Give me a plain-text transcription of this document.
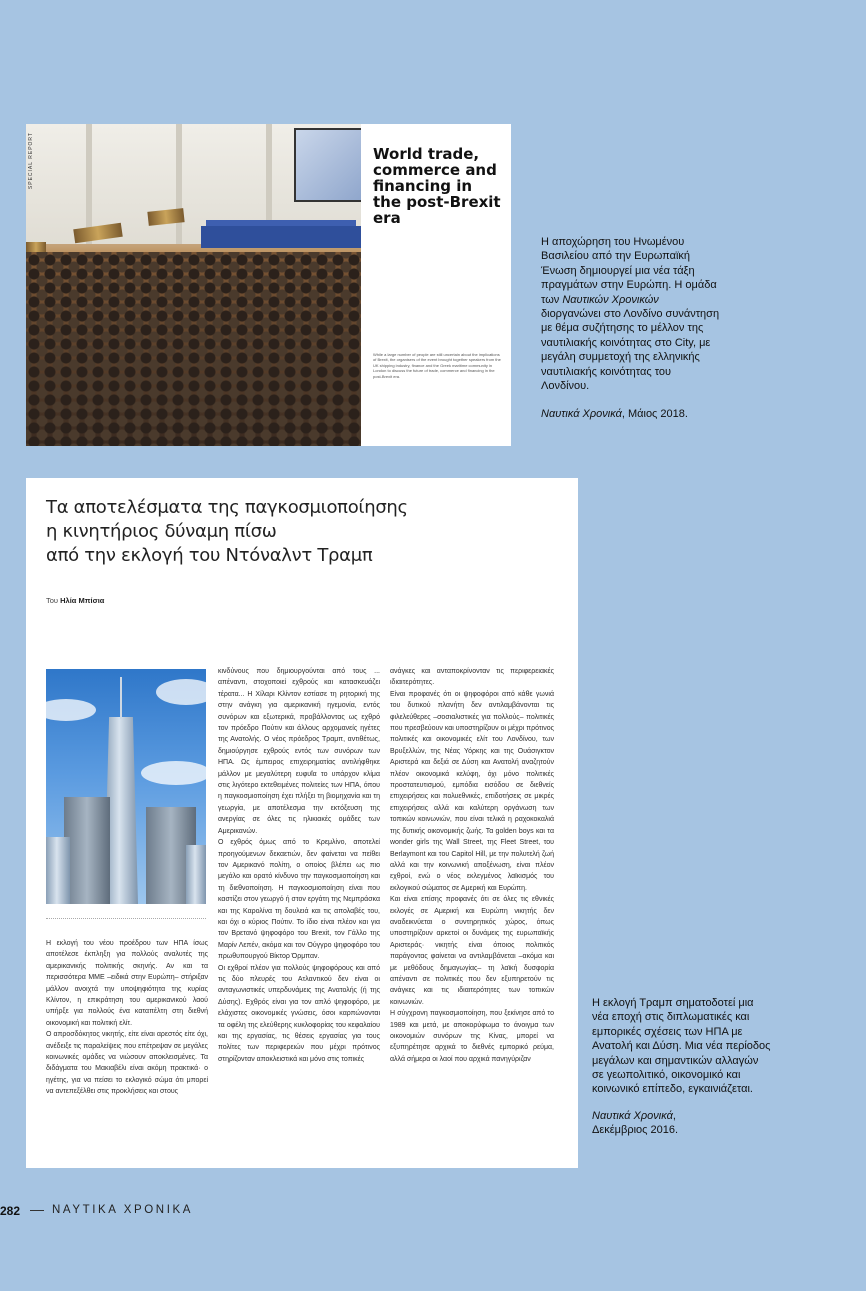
SPECIAL REPORT	World trade, commerce and financing in the post-Brexit era
While a large number of people are still uncertain about the implications of Brexit, the organisers of the event brought together speakers from the UK shipping industry, finance and the Greek maritime community in London to discuss the future of trade, commerce and financing in the post-Brexit era.

Η αποχώρηση του Ηνωμένου Βασιλείου από την Ευρωπαϊκή Ένωση δημιουργεί μια νέα τάξη πραγμάτων στην Ευρώπη. Η ομάδα των Ναυτικών Χρονικών διοργανώνει στο Λονδίνο συνάντηση με θέμα συζήτησης το μέλλον της ναυτιλιακής κοινότητας στο City, με μεγάλη συμμετοχή της ελληνικής ναυτιλιακής κοινότητας του Λονδίνου.

Ναυτικά Χρονικά, Μάιος 2018.

Τα αποτελέσματα της παγκοσμιοποίησης
η κινητήριος δύναμη πίσω
από την εκλογή του Ντόναλντ Τραμπ
Του Ηλία Μπίσια

Η εκλογή του νέου προέδρου των ΗΠΑ ίσως αποτέλεσε έκπληξη για πολλούς αναλυτές της αμερικανικής πολιτικής σκηνής. Αν και τα περισσότερα ΜΜΕ –ειδικά στην Ευρώπη– στήριξαν μάλλον ανοιχτά την υποψηφιότητα της κυρίας Κλίντον, η επικράτηση του αμερικανικού λαού υπήρξε για πολλούς ένα καταπέλτη στη διεθνή οικονομική και πολιτική ελίτ.

Ο απροσδόκητος νικητής, είτε είναι αρεστός είτε όχι, ανέδειξε τις παραλείψεις που επέτρεψαν σε μεγάλες κοινωνικές ομάδες να νιώσουν αποκλεισμένες. Τα διδάγματα του Μακιαβέλι είναι ακόμη πρακτικά· ο ηγέτης, για να πείσει το εκλογικό σώμα ότι μπορεί να αντεπεξέλθει στις προκλήσεις και στους

κινδύνους που δημιουργούνται από τους ... απέναντι, στοχοποιεί εχθρούς και κατασκευάζει τέρατα... Η Χίλαρι Κλίντον εστίασε τη ρητορική της στην ανάγκη για αμερικανική ηγεμονία, εντός συνόρων και εξωτερικά, προβάλλοντας ως εχθρό τον πρόεδρο Πούτιν και άλλους αρχομανείς ηγέτες της Ανατολής. Ο νέος πρόεδρος Τραμπ, αντιθέτως, δημιούργησε εχθρούς εντός των συνόρων των ΗΠΑ. Ως έμπειρος επιχειρηματίας αντιλήφθηκε μάλλον με μεγαλύτερη ευφυΐα το υπάρχον κλίμα στις λιγότερο εκτεθειμένες πολιτείες των ΗΠΑ, όπου η παγκοσμιοποίηση έχει πλήξει τη βιομηχανία και τη γεωργία, με αποτέλεσμα την εκτόξευση της ανεργίας σε όλες τις ηλικιακές ομάδες των Αμερικανών.

Ο εχθρός όμως από το Κρεμλίνο, αποτελεί προηγούμενων δεκαετιών, δεν φαίνεται να πείθει τον Αμερικανό πολίτη, ο οποίος βλέπει ως πιο μεγάλο και ορατό κίνδυνο την παγκοσμιοποίηση και τη διεθνοποίηση. Η παγκοσμιοποίηση είναι που καστίζει στον γεωργό ή στον εργάτη της Νεμπράσκα και της Καρολίνα τη δουλειά και τις απολαβές του, και όχι ο κύριος Πούτιν. Το ίδιο είναι πλέον και για τον Βρετανό ψηφοφόρο του Brexit, τον Γάλλο της Μαρίν Λεπέν, ακόμα και τον Ούγγρο ψηφοφόρο του πρωθυπουργού Βίκτορ Όρμπαν.

Οι εχθροί πλέον για πολλούς ψηφοφόρους και από τις δύο πλευρές του Ατλαντικού δεν είναι οι ανταγωνιστικές υπερδυνάμεις της Ανατολής (ή της Δύσης). Εχθρός είναι για τον απλό ψηφοφόρο, με ελάχιστες οικονομικές γνώσεις, όσοι καρπώνονται τα οφέλη της ελεύθερης κυκλοφορίας του κεφαλαίου και της εργασίας, τις θέσεις εργασίας για τους πολίτες των περιφερειών που μέχρι πρότινος στηρίζονταν αποκλειστικά και μόνο στις τοπικές

ανάγκες και ανταποκρίνονταν τις περιφερειακές ιδιαιτερότητες.

Είναι προφανές ότι οι ψηφοφόροι από κάθε γωνιά του δυτικού πλανήτη δεν αντιλαμβάνονται τις φιλελεύθερες –σοσιαλιστικές για πολλούς– πολιτικές που πρεσβεύουν και υποστηρίζουν οι μέχρι πρότινος πολιτικές και οικονομικές ελίτ του Λονδίνου, των Βρυξελλών, της Νέας Υόρκης και της Ουάσιγκτον Αριστερά και δεξιά σε Δύση και Ανατολή αναζητούν πλέον οικονομικά κελύφη, όχι μόνο πολιτικές προστατευτισμού, εμπόδια εισόδου σε διεθνείς επιχειρήσεις και πολυεθνικές, επιδοτήσεις σε μικρές επιχειρήσεις αλλά και καλύτερη οργάνωση των τοπικών κοινωνιών, που είναι τελικά η ραχοκοκαλιά της δυτικής οικονομικής ζωής. Τα golden boys και τα wonder girls της Wall Street, της Fleet Street, του Berlaymont και του Capitol Hill, με την πολυτελή ζωή αλλά και την κοινωνική αποξένωση, είναι πλέον εχθροί, ενώ ο νέος εκλεγμένος λαϊκισμός του εκλογικού σώματος σε Αμερική και Ευρώπη.

Και είναι επίσης προφανές ότι σε όλες τις εθνικές εκλογές σε Αμερική και Ευρώπη νικητής δεν αναδεικνύεται ο συντηρητικός χώρος, όπως υποστηρίζουν αρκετοί οι δυνάμεις της ευρωπαϊκής Αριστεράς· νικητής είναι όποιος πολιτικός παράγοντας φαίνεται να αντιλαμβάνεται –ακόμα και με μεθόδους δημαγωγίας– τη λαϊκή δυσφορία απέναντι σε πολιτικές που δεν εξυπηρετούν τις ανάγκες και τις ιδιαιτερότητες των τοπικών κοινωνιών.

Η σύγχρονη παγκοσμιοποίηση, που ξεκίνησε από το 1989 και μετά, με αποκορύφωμα το άνοιγμα των οικονομιών συνόρων της Κίνας, μπορεί να εξυπηρέτησε αρχικά το διεθνές εμπορικό ρεύμα, αλλά σήμερα οι λαοί που αρχικά πανηγύριζαν

Η εκλογή Τραμπ σηματοδοτεί μια νέα εποχή στις διπλωματικές και εμπορικές σχέσεις των ΗΠΑ με Ανατολή και Δύση. Μια νέα περίοδος μεγάλων και σημαντικών αλλαγών σε γεωπολιτικό, οικονομικό και κοινωνικό επίπεδο, εγκαινιάζεται.

Ναυτικά Χρονικά,
Δεκέμβριος 2016.

282	ΝΑΥΤΙΚΑ ΧΡΟΝΙΚΑ
